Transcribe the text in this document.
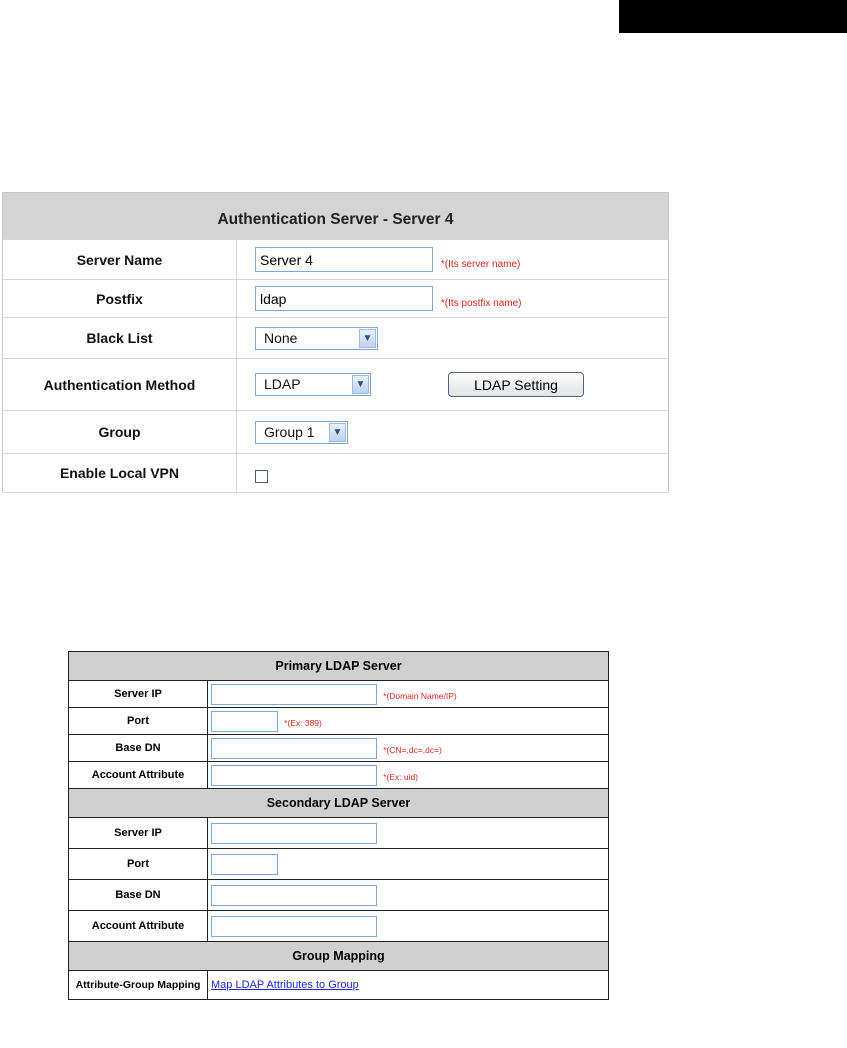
Authentication Server - Server 4	
Server Name	Server $4_{*(Its server name)}$
Postfix	ldap$_{*(Its postfix name)}$
Black List	None ▼

Authentication Method	LDAP ▼ LDAP Setting

Group	Group 1 ▼

Enable Local VPN	
Primary LDAP Server	
Server IP	*(Domain Name/IP)
Port	*(Ex: 389)
Base DN	*(CN=,dc=,dc=)
Account Attribute	*(Ex: uid)
Secondary LDAP Server	
Server IP	
Port	
Base DN	
Account Attribute	
Group Mapping	
Attribute-Group Mapping	Map LDAP Attributes to Group
